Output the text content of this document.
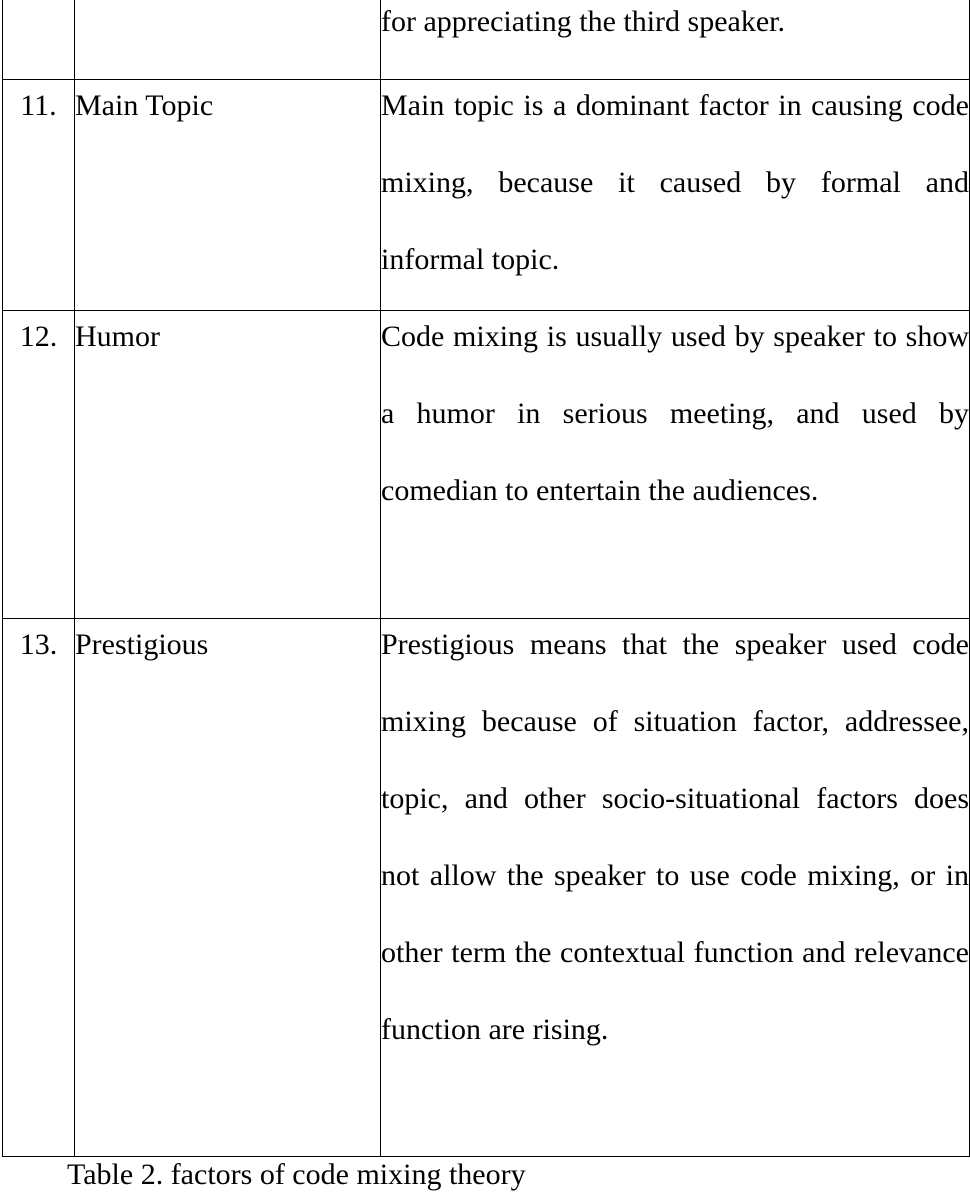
		for appreciating the third speaker.

11.	Main Topic	Main topic is a dominant factor in causing code mixing, because it caused by formal and informal topic.

12.	Humor	Code mixing is usually used by speaker to show a humor in serious meeting, and used by comedian to entertain the audiences.

13.	Prestigious	Prestigious means that the speaker used code mixing because of situation factor, addressee, topic, and other socio-situational factors does not allow the speaker to use code mixing, or in other term the contextual function and relevance function are rising.
Table 2. factors of code mixing theory
